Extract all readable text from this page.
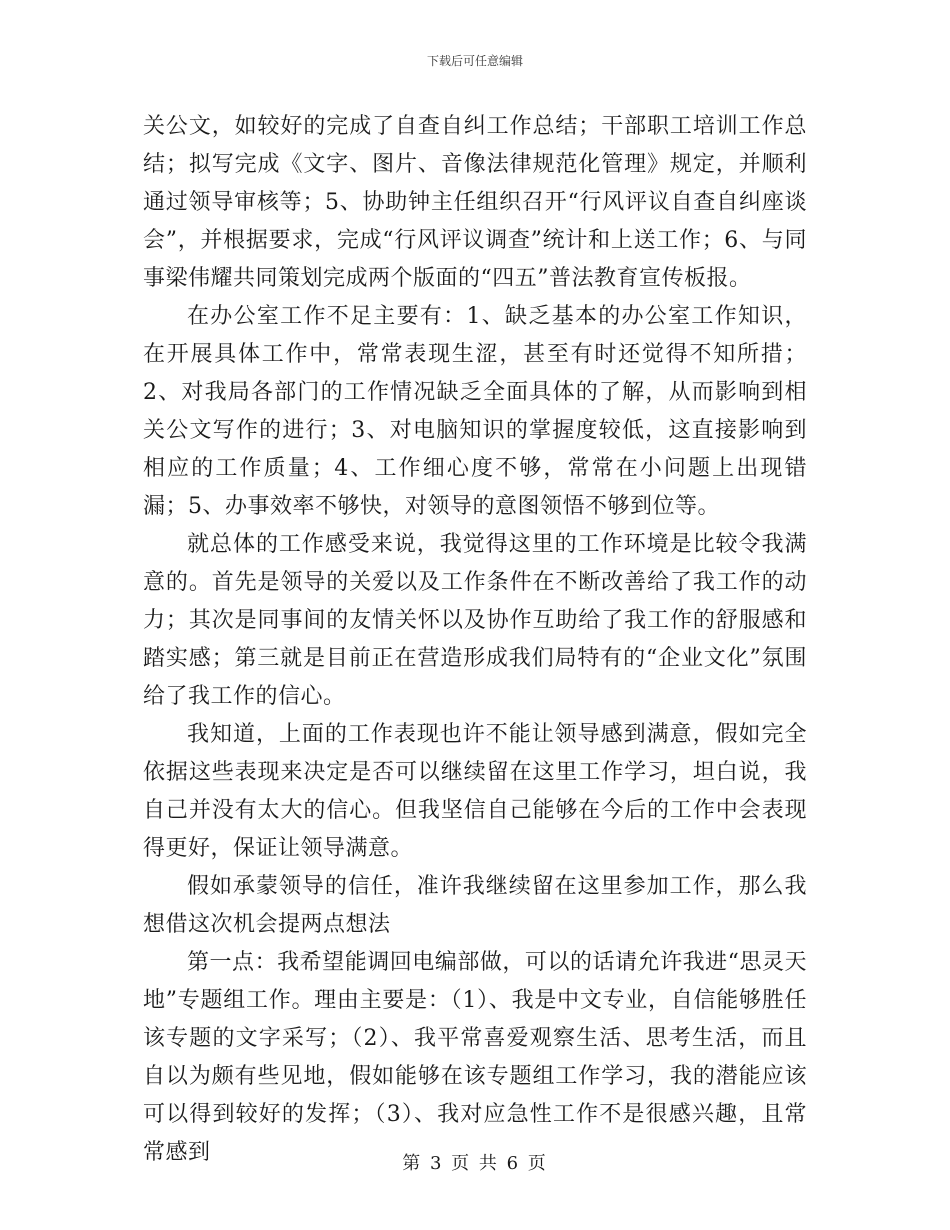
下载后可任意编辑

关公文，如较好的完成了自查自纠工作总结；干部职工培训工作总结；拟写完成《文字、图片、音像法律规范化管理》规定，并顺利通过领导审核等；5、协助钟主任组织召开“行风评议自查自纠座谈会”，并根据要求，完成“行风评议调查”统计和上送工作；6、与同事梁伟耀共同策划完成两个版面的“四五”普法教育宣传板报。

在办公室工作不足主要有：1、缺乏基本的办公室工作知识，在开展具体工作中，常常表现生涩，甚至有时还觉得不知所措；2、对我局各部门的工作情况缺乏全面具体的了解，从而影响到相关公文写作的进行；3、对电脑知识的掌握度较低，这直接影响到相应的工作质量；4、工作细心度不够，常常在小问题上出现错漏；5、办事效率不够快，对领导的意图领悟不够到位等。

就总体的工作感受来说，我觉得这里的工作环境是比较令我满意的。首先是领导的关爱以及工作条件在不断改善给了我工作的动力；其次是同事间的友情关怀以及协作互助给了我工作的舒服感和踏实感；第三就是目前正在营造形成我们局特有的“企业文化”氛围给了我工作的信心。

我知道，上面的工作表现也许不能让领导感到满意，假如完全依据这些表现来决定是否可以继续留在这里工作学习，坦白说，我自己并没有太大的信心。但我坚信自己能够在今后的工作中会表现得更好，保证让领导满意。

假如承蒙领导的信任，准许我继续留在这里参加工作，那么我想借这次机会提两点想法

第一点：我希望能调回电编部做，可以的话请允许我进“思灵天地”专题组工作。理由主要是：（1）、我是中文专业，自信能够胜任该专题的文字采写；（2）、我平常喜爱观察生活、思考生活，而且自以为颇有些见地，假如能够在该专题组工作学习，我的潜能应该可以得到较好的发挥；（3）、我对应急性工作不是很感兴趣，且常常感到	第 3 页 共 6 页
